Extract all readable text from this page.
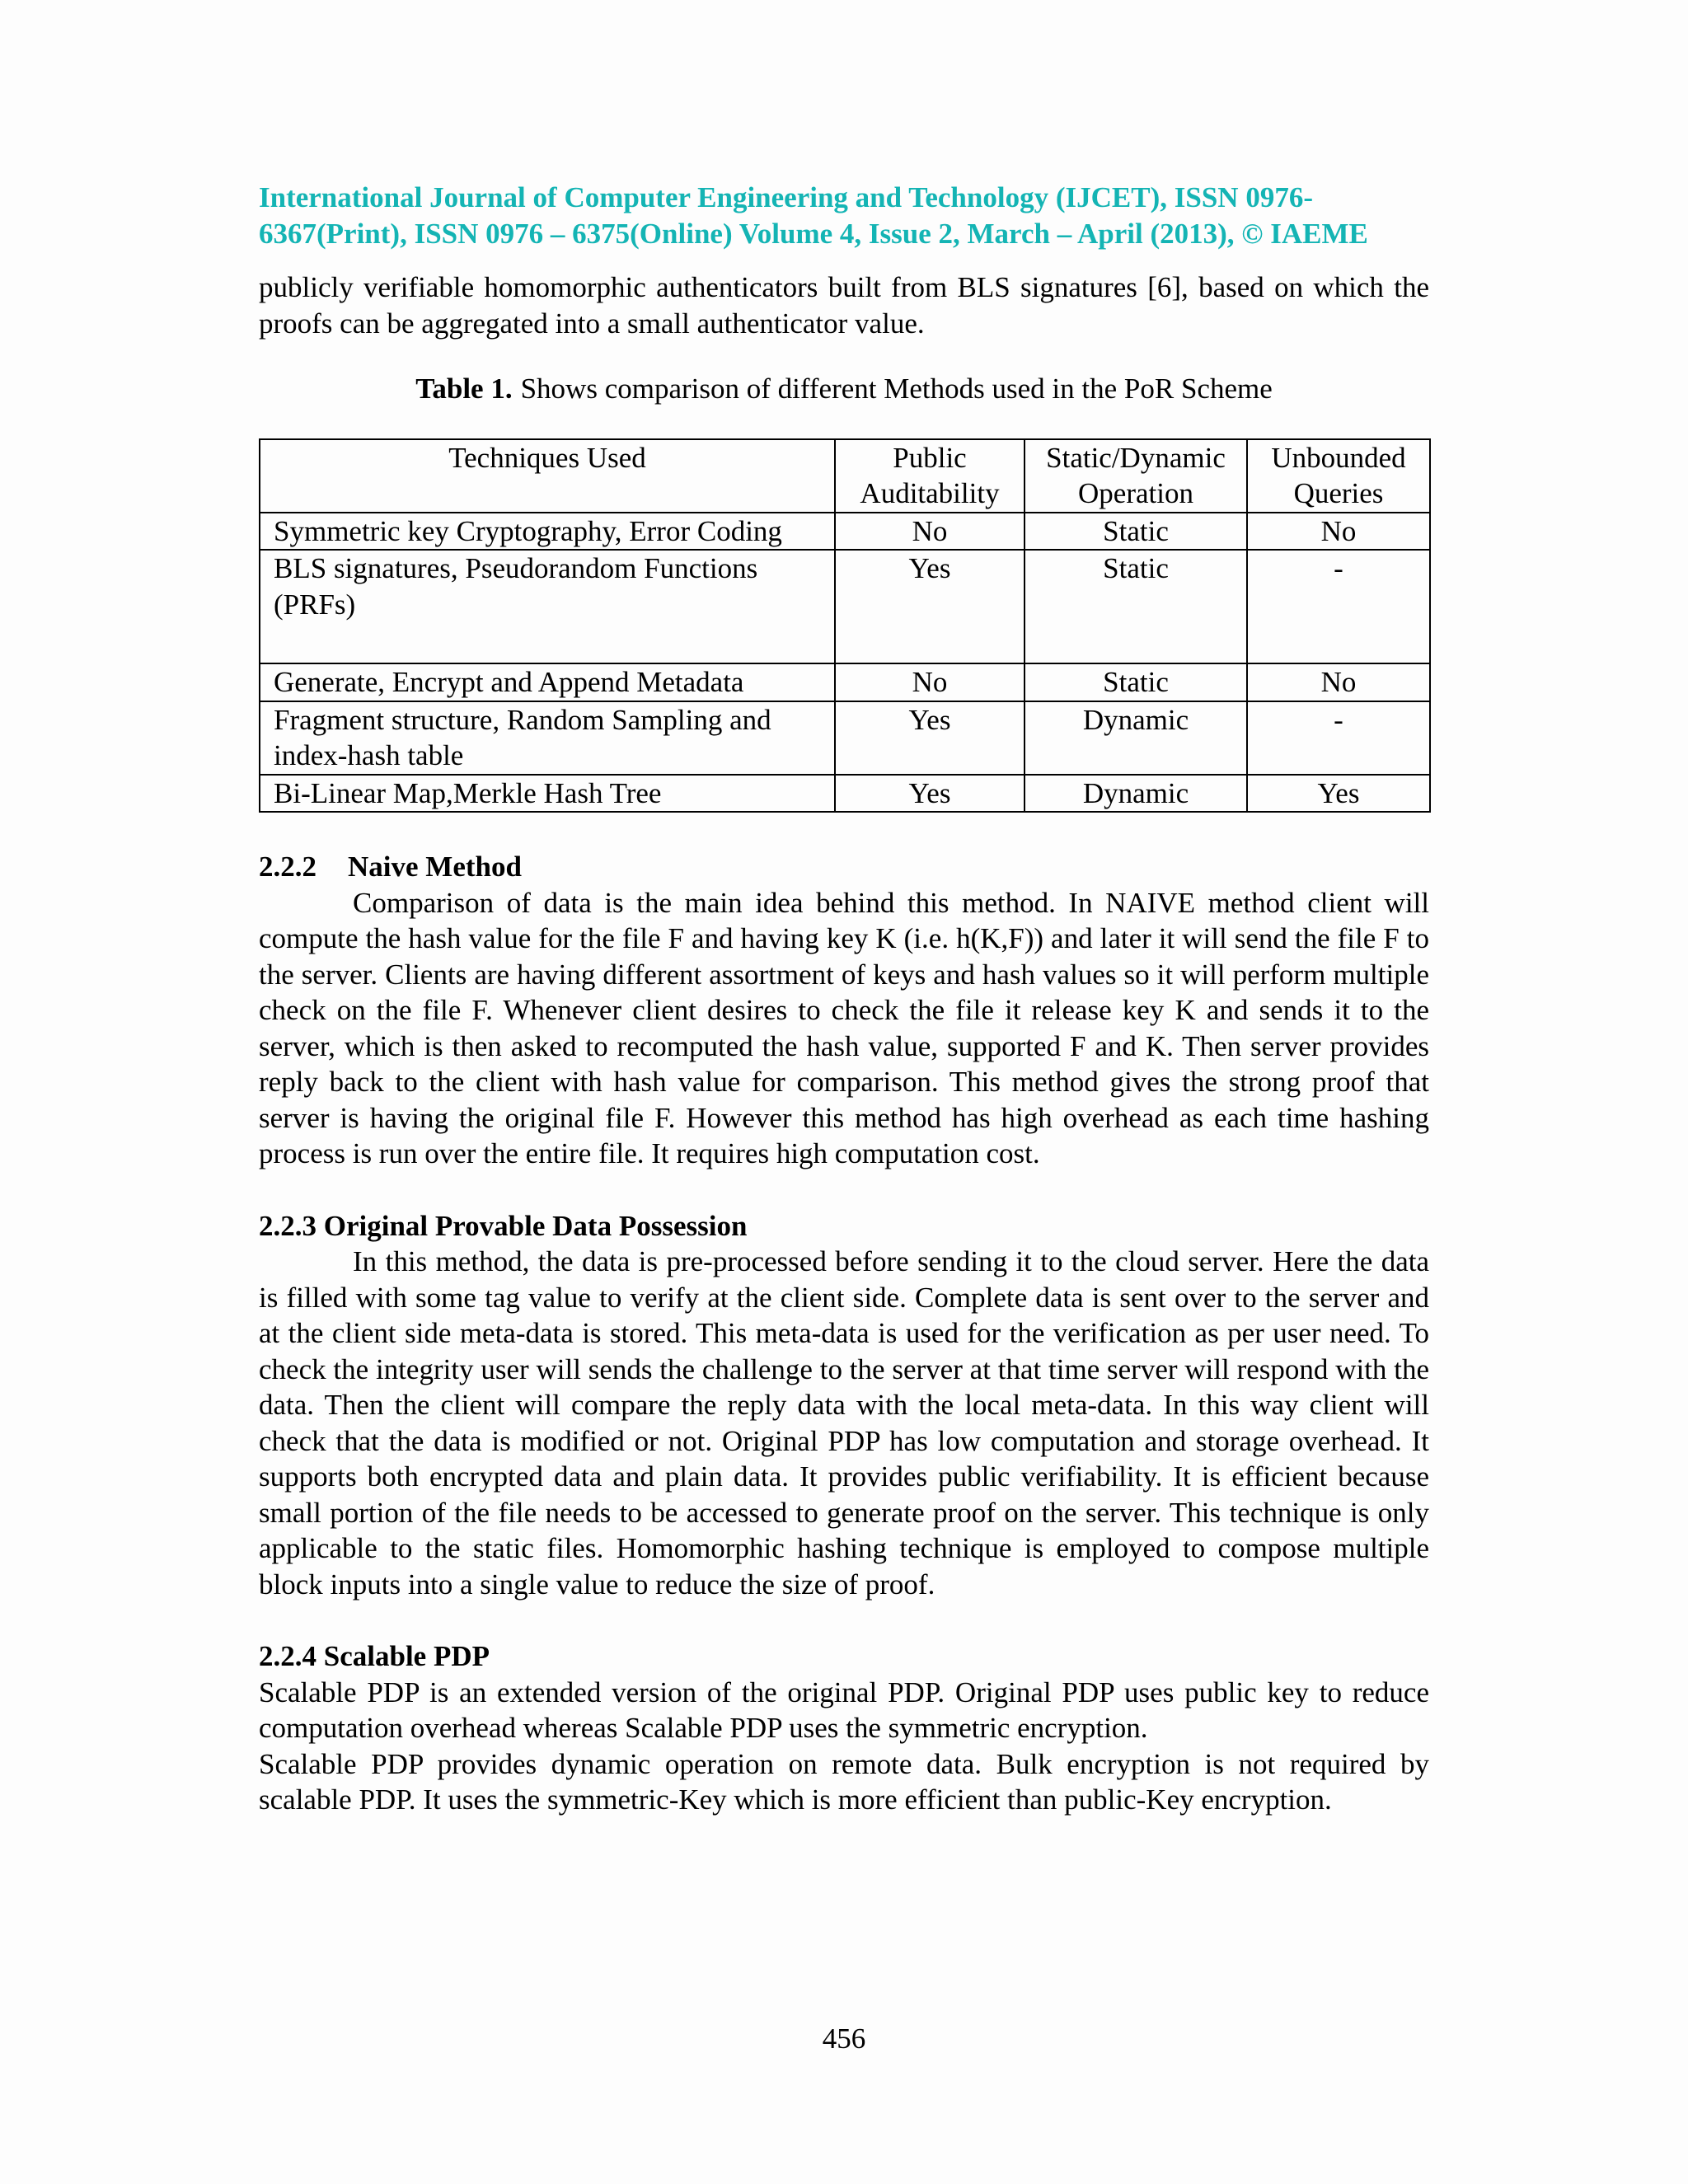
International Journal of Computer Engineering and Technology (IJCET), ISSN 0976-
6367(Print), ISSN 0976 – 6375(Online) Volume 4, Issue 2, March – April (2013), © IAEME

publicly verifiable homomorphic authenticators built from BLS signatures [6], based on which the proofs can be aggregated into a small authenticator value.

Table 1. Shows comparison of different Methods used in the PoR Scheme
Techniques Used	Public Auditability	Static/Dynamic Operation	Unbounded Queries
Symmetric key Cryptography, Error Coding	No	Static	No
BLS signatures, Pseudorandom Functions (PRFs)	Yes	Static	-
Generate, Encrypt and Append Metadata	No	Static	No
Fragment structure, Random Sampling and index-hash table	Yes	Dynamic	-
Bi-Linear Map,Merkle Hash Tree	Yes	Dynamic	Yes
2.2.2 Naive Method

Comparison of data is the main idea behind this method. In NAIVE method client will compute the hash value for the file F and having key K (i.e. h(K,F)) and later it will send the file F to the server. Clients are having different assortment of keys and hash values so it will perform multiple check on the file F. Whenever client desires to check the file it release key K and sends it to the server, which is then asked to recomputed the hash value, supported F and K. Then server provides reply back to the client with hash value for comparison. This method gives the strong proof that server is having the original file F. However this method has high overhead as each time hashing process is run over the entire file. It requires high computation cost.

2.2.3 Original Provable Data Possession

In this method, the data is pre-processed before sending it to the cloud server. Here the data is filled with some tag value to verify at the client side. Complete data is sent over to the server and at the client side meta-data is stored. This meta-data is used for the verification as per user need. To check the integrity user will sends the challenge to the server at that time server will respond with the data. Then the client will compare the reply data with the local meta-data. In this way client will check that the data is modified or not. Original PDP has low computation and storage overhead. It supports both encrypted data and plain data. It provides public verifiability. It is efficient because small portion of the file needs to be accessed to generate proof on the server. This technique is only applicable to the static files. Homomorphic hashing technique is employed to compose multiple block inputs into a single value to reduce the size of proof.

2.2.4 Scalable PDP

Scalable PDP is an extended version of the original PDP. Original PDP uses public key to reduce computation overhead whereas Scalable PDP uses the symmetric encryption.

Scalable PDP provides dynamic operation on remote data. Bulk encryption is not required by scalable PDP. It uses the symmetric-Key which is more efficient than public-Key encryption.

456
